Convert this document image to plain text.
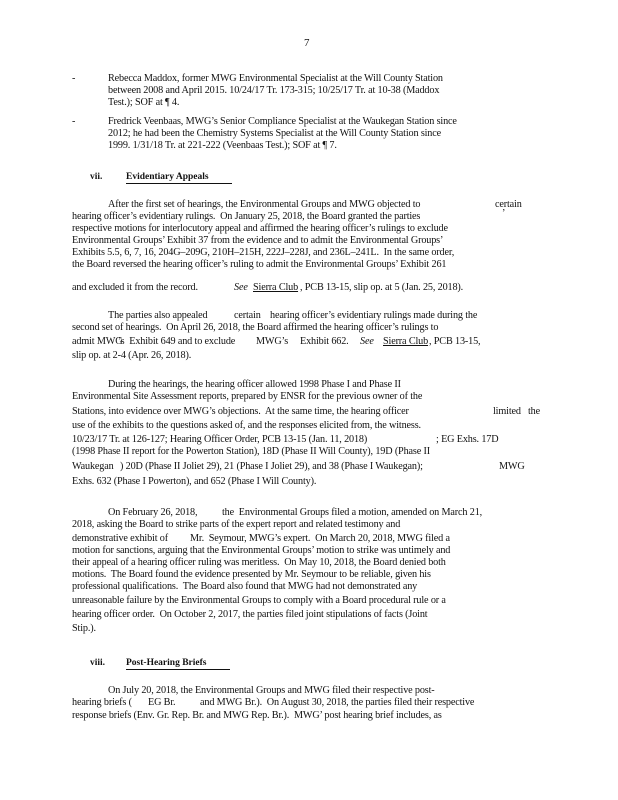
7
-	Rebecca Maddox, former MWG Environmental Specialist at the Will County Station
between 2008 and April 2015. 10/24/17 Tr. 173-315; 10/25/17 Tr. at 10-38 (Maddox
Test.); SOF at ¶ 4.
-	Fredrick Veenbaas, MWG’s Senior Compliance Specialist at the Waukegan Station since
2012; he had been the Chemistry Systems Specialist at the Will County Station since
1999. 1/31/18 Tr. at 221-222 (Veenbaas Test.); SOF at ¶ 7.
vii. Evidentiary Appeals
After the first set of hearings, the Environmental Groups and MWG objected to	certain
’
hearing officer’s evidentiary rulings.  On January 25, 2018, the Board granted the parties
respective motions for interlocutory appeal and affirmed the hearing officer’s rulings to exclude
Environmental Groups’ Exhibit 37 from the evidence and to admit the Environmental Groups’
Exhibits 5.5, 6, 7, 16, 204G–209G, 210H–215H, 222J–228J, and 236L–241L.  In the same order,
the Board reversed the hearing officer’s ruling to admit the Environmental Groups’ Exhibit 261
and excluded it from the record.	See Sierra Club , PCB 13-15, slip op. at 5 (Jan. 25, 2018).
The parties also appealed	certain hearing officer’s evidentiary rulings made during the
second set of hearings.  On April 26, 2018, the Board affirmed the hearing officer’s rulings to
admit MWG
’s  Exhibit 649 and to exclude MWG’s Exhibit 662. See Sierra Club , PCB 13-15,
slip op. at 2-4 (Apr. 26, 2018).
During the hearings, the hearing officer allowed 1998 Phase I and Phase II
Environmental Site Assessment reports, prepared by ENSR for the previous owner of the
Stations, into evidence over MWG’s objections.  At the same time, the hearing officer	limited   the
use of the exhibits to the questions asked of, and the responses elicited from, the witness.
10/23/17 Tr. at 126-127; Hearing Officer Order, PCB 13-15 (Jan. 11, 2018)	; EG Exhs. 17D
(1998 Phase II report for the Powerton Station), 18D (Phase II Will County), 19D (Phase II
Waukegan ) 20D (Phase II Joliet 29), 21 (Phase I Joliet 29), and 38 (Phase I Waukegan);	MWG
Exhs. 632 (Phase I Powerton), and 652 (Phase I Will County).
On February 26, 2018, the  Environmental Groups filed a motion, amended on March 21,
2018, asking the Board to strike parts of the expert report and related testimony and
demonstrative exhibit of Mr.  Seymour, MWG’s expert.  On March 20, 2018, MWG filed a
motion for sanctions, arguing that the Environmental Groups’ motion to strike was untimely and
their appeal of a hearing officer ruling was meritless.  On May 10, 2018, the Board denied both
motions.  The Board found the evidence presented by Mr. Seymour to be reliable, given his
professional qualifications.  The Board also found that MWG had not demonstrated any
unreasonable failure by the Environmental Groups to comply with a Board procedural rule or a
hearing officer order.  On October 2, 2017, the parties filed joint stipulations of facts (Joint
Stip.).
viii. Post-Hearing Briefs
On July 20, 2018, the Environmental Groups and MWG filed their respective post-
hearing briefs ( EG Br. and MWG Br.).  On August 30, 2018, the parties filed their respective
response briefs (Env. Gr. Rep. Br. and MWG Rep. Br.).  MWG’ post hearing brief includes, as
